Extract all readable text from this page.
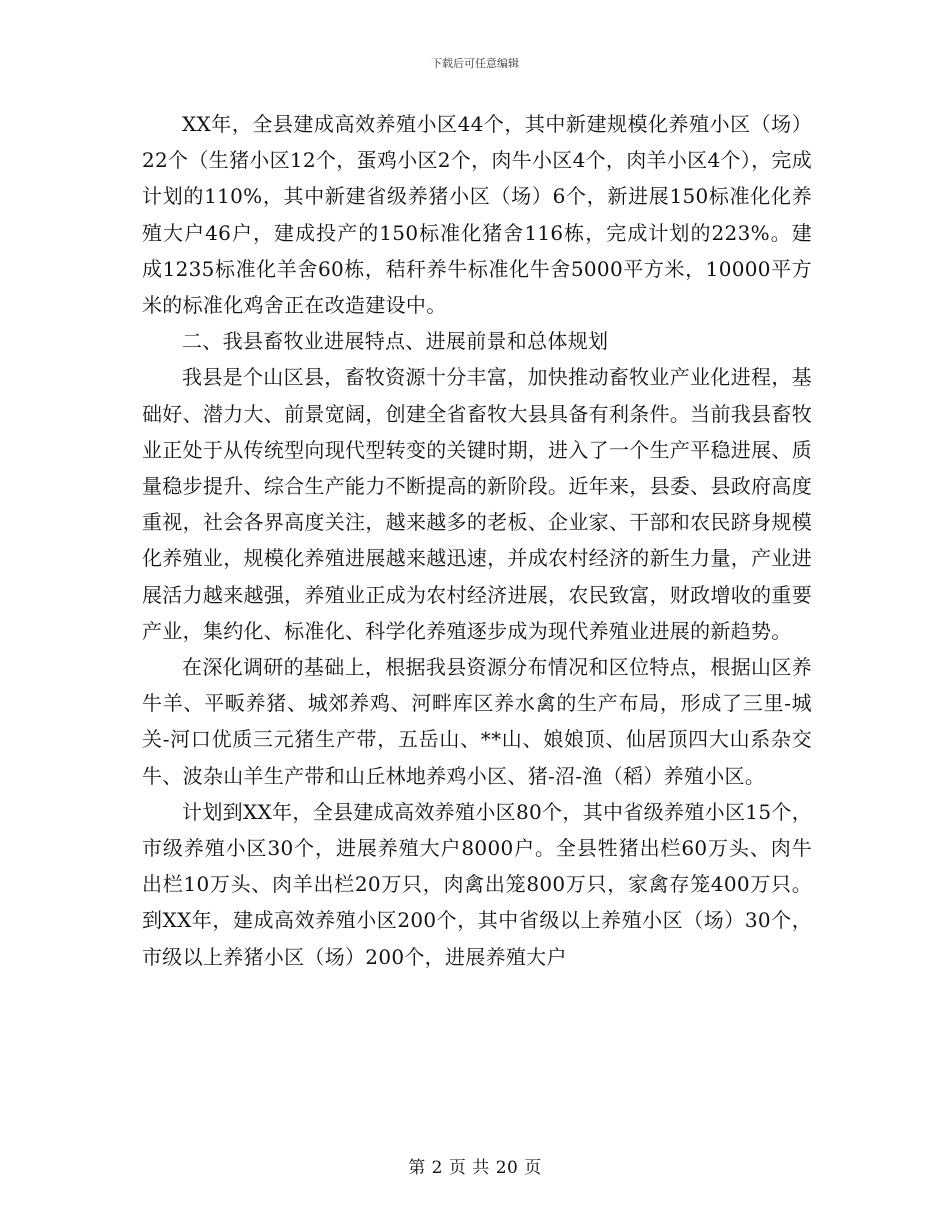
下载后可任意编辑

XX年，全县建成高效养殖小区44个，其中新建规模化养殖小区（场）22个（生猪小区12个，蛋鸡小区2个，肉牛小区4个，肉羊小区4个），完成计划的110%，其中新建省级养猪小区（场）6个，新进展150标准化化养殖大户46户，建成投产的150标准化猪舍116栋，完成计划的223%。建成1235标准化羊舍60栋，秸秆养牛标准化牛舍5000平方米，10000平方米的标准化鸡舍正在改造建设中。

二、我县畜牧业进展特点、进展前景和总体规划

我县是个山区县，畜牧资源十分丰富，加快推动畜牧业产业化进程，基础好、潜力大、前景宽阔，创建全省畜牧大县具备有利条件。当前我县畜牧业正处于从传统型向现代型转变的关键时期，进入了一个生产平稳进展、质量稳步提升、综合生产能力不断提高的新阶段。近年来，县委、县政府高度重视，社会各界高度关注，越来越多的老板、企业家、干部和农民跻身规模化养殖业，规模化养殖进展越来越迅速，并成农村经济的新生力量，产业进展活力越来越强，养殖业正成为农村经济进展，农民致富，财政增收的重要产业，集约化、标准化、科学化养殖逐步成为现代养殖业进展的新趋势。

在深化调研的基础上，根据我县资源分布情况和区位特点，根据山区养牛羊、平畈养猪、城郊养鸡、河畔库区养水禽的生产布局，形成了三里-城关-河口优质三元猪生产带，五岳山、**山、娘娘顶、仙居顶四大山系杂交牛、波杂山羊生产带和山丘林地养鸡小区、猪-沼-渔（稻）养殖小区。

计划到XX年，全县建成高效养殖小区80个，其中省级养殖小区15个，市级养殖小区30个，进展养殖大户8000户。全县牲猪出栏60万头、肉牛出栏10万头、肉羊出栏20万只，肉禽出笼800万只，家禽存笼400万只。到XX年，建成高效养殖小区200个，其中省级以上养殖小区（场）30个，市级以上养猪小区（场）200个，进展养殖大户

第 2 页 共 20 页
